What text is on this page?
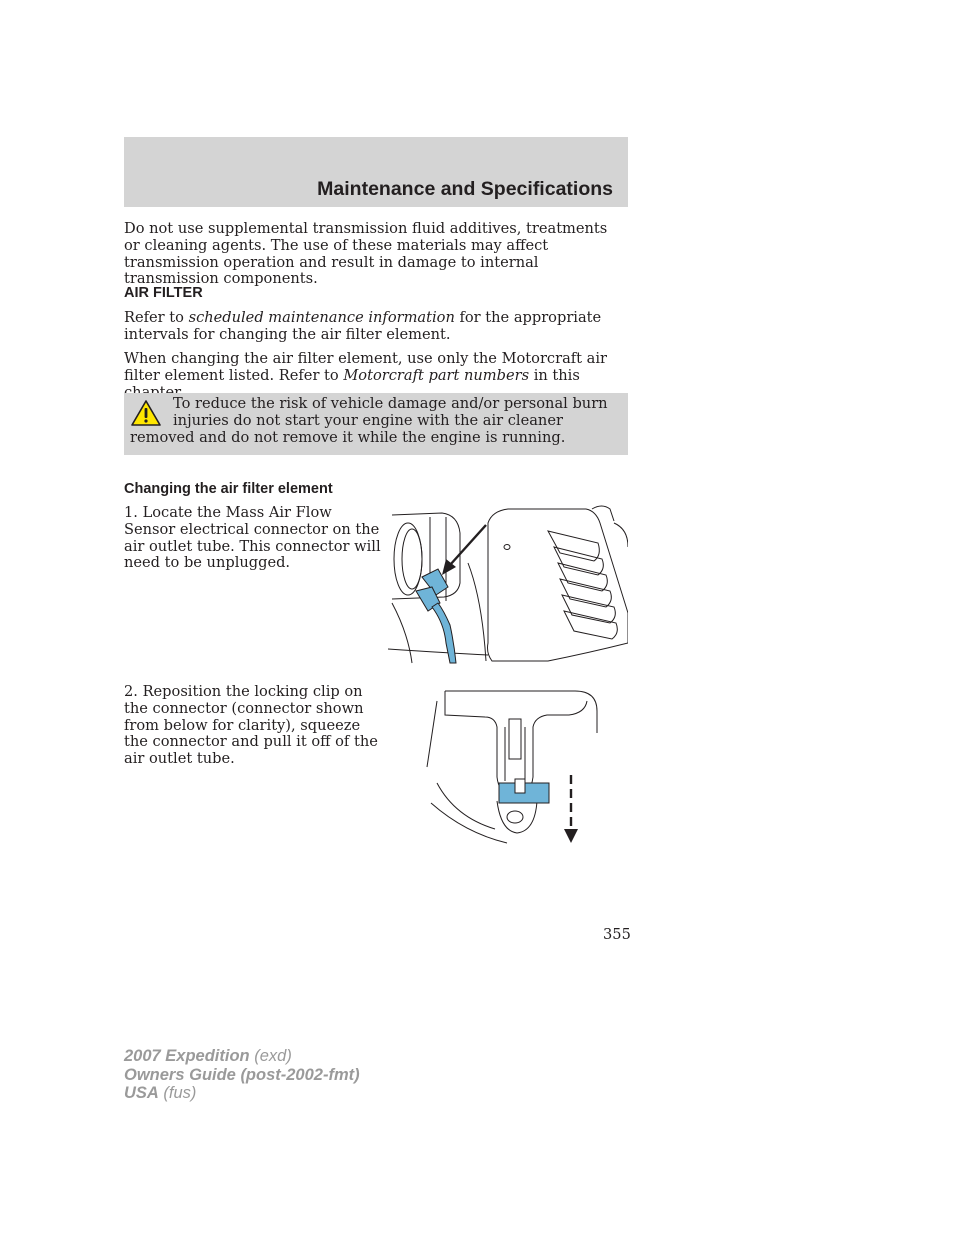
Maintenance and Specifications

Do not use supplemental transmission fluid additives, treatments or cleaning agents. The use of these materials may affect transmission operation and result in damage to internal transmission components.

AIR FILTER

Refer to scheduled maintenance information for the appropriate intervals for changing the air filter element.

When changing the air filter element, use only the Motorcraft air filter element listed. Refer to Motorcraft part numbers in this

To reduce the risk of vehicle damage and/or personal burn injuries do not start your engine with the air cleaner removed and do not remove it while the engine is running.

Changing the air filter element

1. Locate the Mass Air Flow Sensor electrical connector on the air outlet tube. This connector will need to be unplugged.

2. Reposition the locking clip on the connector (connector shown from below for clarity), squeeze the connector and pull it off of the air outlet tube.

355

2007 Expedition (exd)
Owners Guide (post-2002-fmt)
USA (fus)
